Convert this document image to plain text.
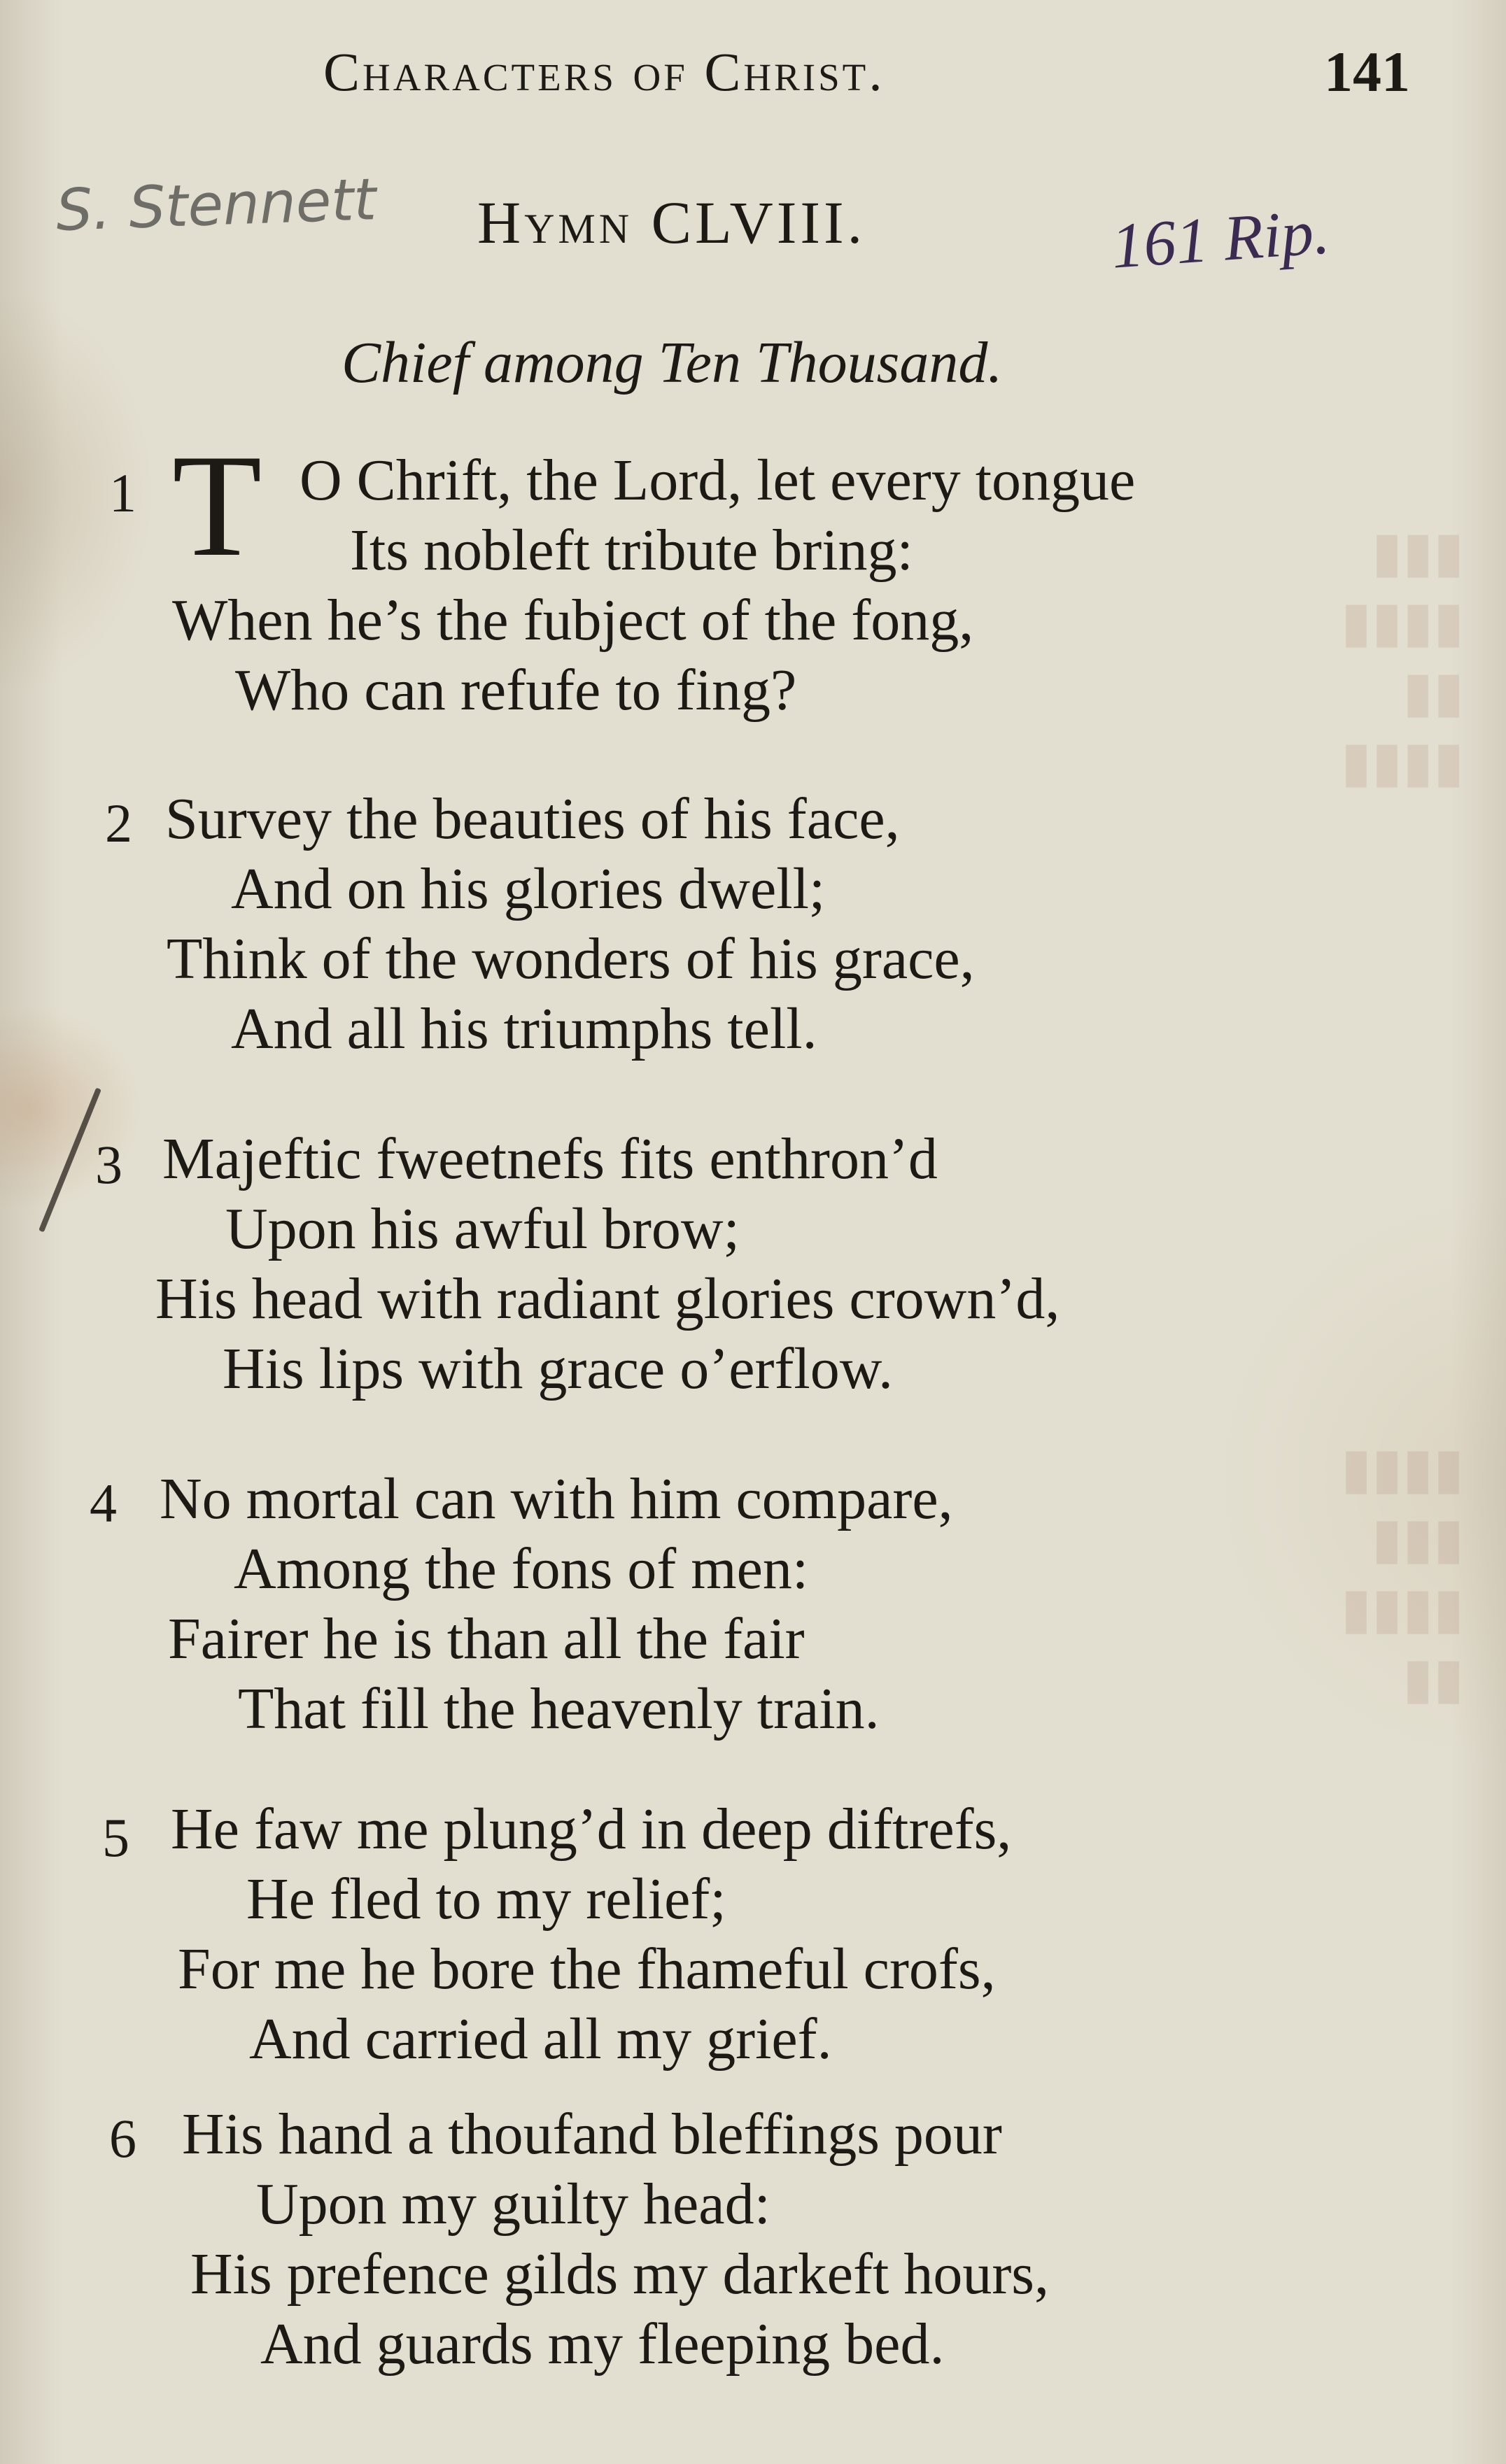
▮▮▮
▮▮▮▮
▮▮
▮▮▮▮
▮▮▮▮
▮▮▮
▮▮▮▮
▮▮
Characters of Christ.	141
S. Stennett Hymn CLVIII.	161 Rip.
Chief among Ten Thousand.
1 T O Chrift, the Lord, let every tongue
Its nobleft tribute bring:
When he’s the fubject of the fong,
Who can refufe to fing?
2 Survey the beauties of his face,
And on his glories dwell;
Think of the wonders of his grace,
And all his triumphs tell.
3 Majeftic fweetnefs fits enthron’d
Upon his awful brow;
His head with radiant glories crown’d,
His lips with grace o’erflow.
4 No mortal can with him compare,
Among the fons of men:
Fairer he is than all the fair
That fill the heavenly train.
5 He faw me plung’d in deep diftrefs,
He fled to my relief;
For me he bore the fhameful crofs,
And carried all my grief.
6 His hand a thoufand bleffings pour
Upon my guilty head:
His prefence gilds my darkeft hours,
And guards my fleeping bed.
